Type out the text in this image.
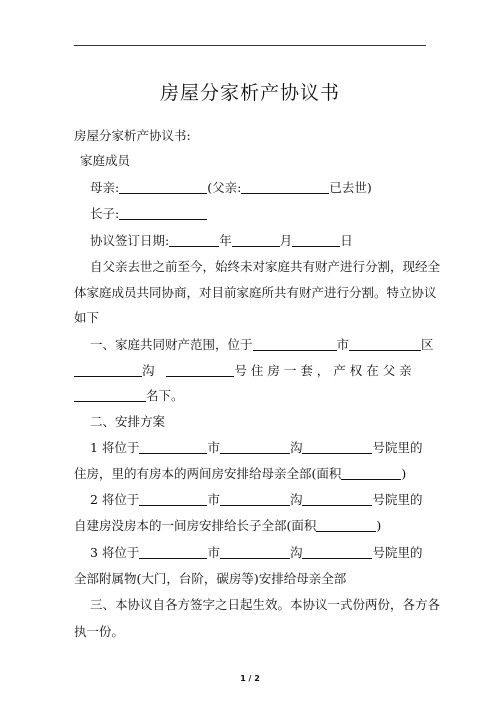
房屋分家析产协议书
房屋分家析产协议书:
家庭成员
母亲:	(父亲:	已去世)
长子:
协议签订日期:	年	月	日
自父亲去世之前至今，始终未对家庭共有财产进行分割，现经全
体家庭成员共同协商，对目前家庭所共有财产进行分割。特立协议
如下
一、家庭共同财产范围，位于	市	区
沟	号 住 房 一 套 ， 产 权 在 父 亲
名下。
二、安排方案
1 将位于	市	沟	号院里的
住房，里的有房本的两间房安排给母亲全部(面积	)
2 将位于	市	沟	号院里的
自建房没房本的一间房安排给长子全部(面积	)
3 将位于	市	沟	号院里的
全部附属物(大门，台阶，碳房等)安排给母亲全部
三、本协议自各方签字之日起生效。本协议一式份两份，各方各
执一份。
1 / 2
